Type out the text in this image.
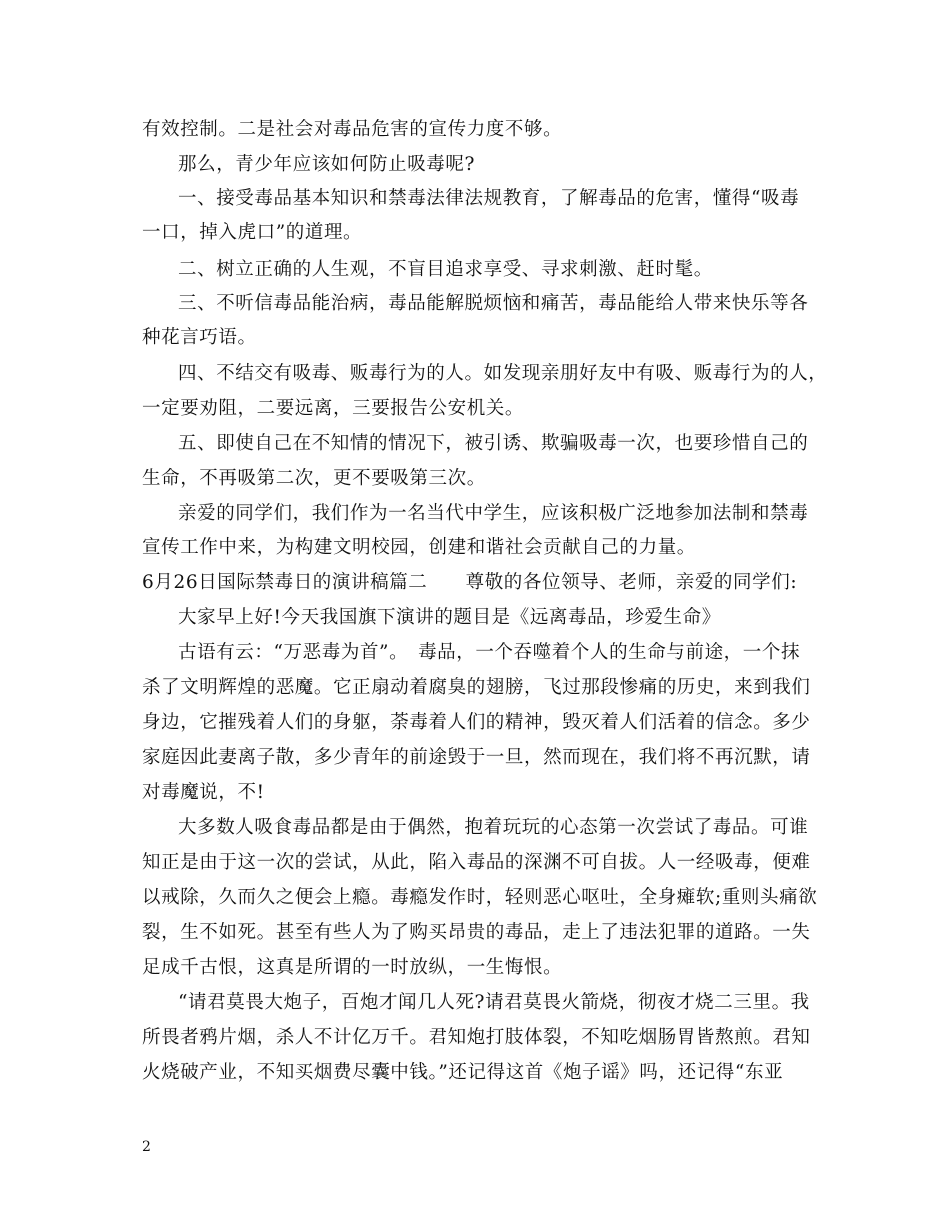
有效控制。二是社会对毒品危害的宣传力度不够。
那么，青少年应该如何防止吸毒呢?
一、接受毒品基本知识和禁毒法律法规教育，了解毒品的危害，懂得“吸毒
一口，掉入虎口”的道理。
二、树立正确的人生观，不盲目追求享受、寻求刺激、赶时髦。
三、不听信毒品能治病，毒品能解脱烦恼和痛苦，毒品能给人带来快乐等各
种花言巧语。
四、不结交有吸毒、贩毒行为的人。如发现亲朋好友中有吸、贩毒行为的人，
一定要劝阻，二要远离，三要报告公安机关。
五、即使自己在不知情的情况下，被引诱、欺骗吸毒一次，也要珍惜自己的
生命，不再吸第二次，更不要吸第三次。
亲爱的同学们，我们作为一名当代中学生，应该积极广泛地参加法制和禁毒
宣传工作中来，为构建文明校园，创建和谐社会贡献自己的力量。
6月26日国际禁毒日的演讲稿篇二　　尊敬的各位领导、老师，亲爱的同学们:
大家早上好!今天我国旗下演讲的题目是《远离毒品，珍爱生命》
古语有云：“万恶毒为首”。　毒品，一个吞噬着个人的生命与前途，一个抹
杀了文明辉煌的恶魔。它正扇动着腐臭的翅膀，飞过那段惨痛的历史，来到我们
身边，它摧残着人们的身躯，荼毒着人们的精神，毁灭着人们活着的信念。多少
家庭因此妻离子散，多少青年的前途毁于一旦，然而现在，我们将不再沉默，请
对毒魔说，不!
大多数人吸食毒品都是由于偶然，抱着玩玩的心态第一次尝试了毒品。可谁
知正是由于这一次的尝试，从此，陷入毒品的深渊不可自拔。人一经吸毒，便难
以戒除，久而久之便会上瘾。毒瘾发作时，轻则恶心呕吐，全身瘫软;重则头痛欲
裂，生不如死。甚至有些人为了购买昂贵的毒品，走上了违法犯罪的道路。一失
足成千古恨，这真是所谓的一时放纵，一生悔恨。
“请君莫畏大炮子，百炮才闻几人死?请君莫畏火箭烧，彻夜才烧二三里。我
所畏者鸦片烟，杀人不计亿万千。君知炮打肢体裂，不知吃烟肠胃皆熬煎。君知
火烧破产业，不知买烟费尽囊中钱。”还记得这首《炮子谣》吗，还记得“东亚
2
